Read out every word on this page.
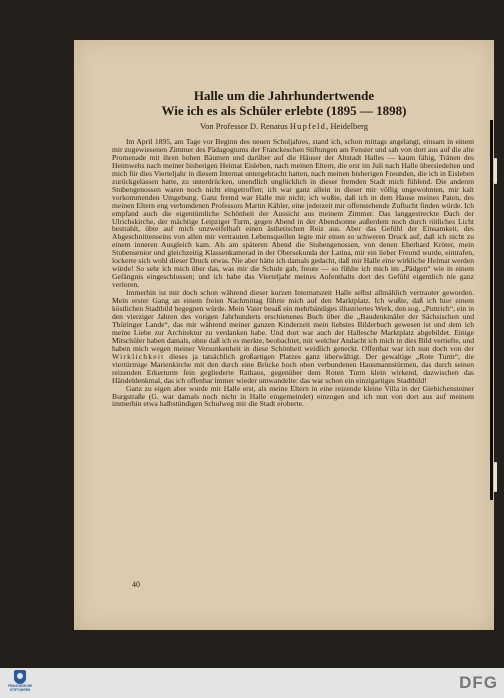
Halle um die Jahrhundertwende
Wie ich es als Schüler erlebte (1895 — 1898)
Von Professor D. Renatus Hupfeld, Heidelberg

Im April 1895, am Tage vor Beginn des neuen Schuljahres, stand ich, schon mittags angelangt, einsam in einem mir zugewiesenen Zimmer des Pädagogiums der Franckeschen Stiftungen am Fenster und sah von dort aus auf die alte Promenade mit ihren hohen Bäumen und darüber auf die Häuser der Altstadt Halles — kaum fähig, Tränen des Heimwehs nach meiner bisherigen Heimat Eisleben, nach meinen Eltern, die erst im Juli nach Halle übersiedelten und mich für dies Vierteljahr in diesem Internat untergebracht hatten, nach meinen bisherigen Freunden, die ich in Eisleben zurückgelassen hatte, zu unterdrücken, unendlich unglücklich in dieser fremden Stadt mich fühlend. Die anderen Stubengenossen waren noch nicht eingetroffen; ich war ganz allein in dieser mir völlig ungewohnten, mir kalt vorkommenden Umgebung. Ganz fremd war Halle mir nicht; ich wußte, daß ich in dem Hause meines Paten, des meinen Eltern eng verbundenen Professors Martin Kähler, eine jederzeit mir offenstehende Zuflucht finden würde. Ich empfand auch die eigentümliche Schönheit der Aussicht aus meinem Zimmer. Das langgestreckte Dach der Ulrichskirche, der mächtige Leipziger Turm, gegen Abend in der Abendsonne außerdem noch durch rötliches Licht bestrahlt, übte auf mich unzweifelhaft einen ästhetischen Reiz aus. Aber das Gefühl der Einsamkeit, des Abgeschnittenseins von allen mir vertrauten Lebensquellen legte mir einen so schweren Druck auf, daß ich nicht zu einem inneren Ausgleich kam. Als am späteren Abend die Stubengenossen, von denen Eberhard Kröter, mein Stubensenior und gleichzeitig Klassenkamerad in der Obersekunda der Latina, mir ein lieber Freund wurde, eintrafen, lockerte sich wohl dieser Druck etwas. Nie aber hätte ich damals gedacht, daß mir Halle eine wirkliche Heimat werden würde! So sehr ich mich über das, was mir die Schule gab, freute — so fühlte ich mich im „Pädgen“ wie in einem Gefängnis eingeschlossen; und ich habe das Vierteljahr meines Aufenthalts dort des Gefühl eigentlich nie ganz verloren.

Immerhin ist mir doch schon während dieser kurzen Internatszeit Halle selbst allmählich vertrauter geworden. Mein erster Gang an einem freien Nachmittag führte mich auf den Marktplatz. Ich wußte, daß ich hier einem köstlichen Stadtbild begegnen würde. Mein Vater besaß ein mehrbändiges illustriertes Werk, den sog. „Puttrich“, ein in den vierziger Jahren des vorigen Jahrhunderts erschienenes Buch über die „Baudenkmäler der Sächsischen und Thüringer Lande“, das mir während meiner ganzen Kinderzeit mein liebstes Bilderbuch gewesen ist und dem ich meine Liebe zur Architektur zu verdanken habe. Und dort war auch der Hallesche Marktplatz abgebildet. Einige Mitschüler haben damals, ohne daß ich es merkte, beobachtet, mit welcher Andacht ich mich in dies Bild vertiefte, und haben mich wegen meiner Versunkenheit in diese Schönheit weidlich geneckt. Offenbar war ich nun doch von der Wirklichkeit dieses ja tatsächlich großartigen Platzes ganz überwältigt. Der gewaltige „Rote Turm“, die viertürmige Marienkirche mit den durch eine Brücke hoch oben verbundenen Hausmannstürmen, das durch seinen reizenden Erkerturm fein gegliederte Rathaus, gegenüber dem Roten Turm klein wirkend, dazwischen das Händeldenkmal, das ich offenbar immer wieder umwandelte: das war schon ein einzigartiges Stadtbild!

Ganz zu eigen aber wurde mir Halle erst, als meine Eltern in eine reizende kleine Villa in der Giebichensteiner Burgstraße (G. war damals noch nicht in Halle eingemeindet) einzogen und ich nun von dort aus auf meinem immerhin etwa halbstündigen Schulweg mir die Stadt eroberte.

40
FRANCKESCHE STIFTUNGEN	DFG
